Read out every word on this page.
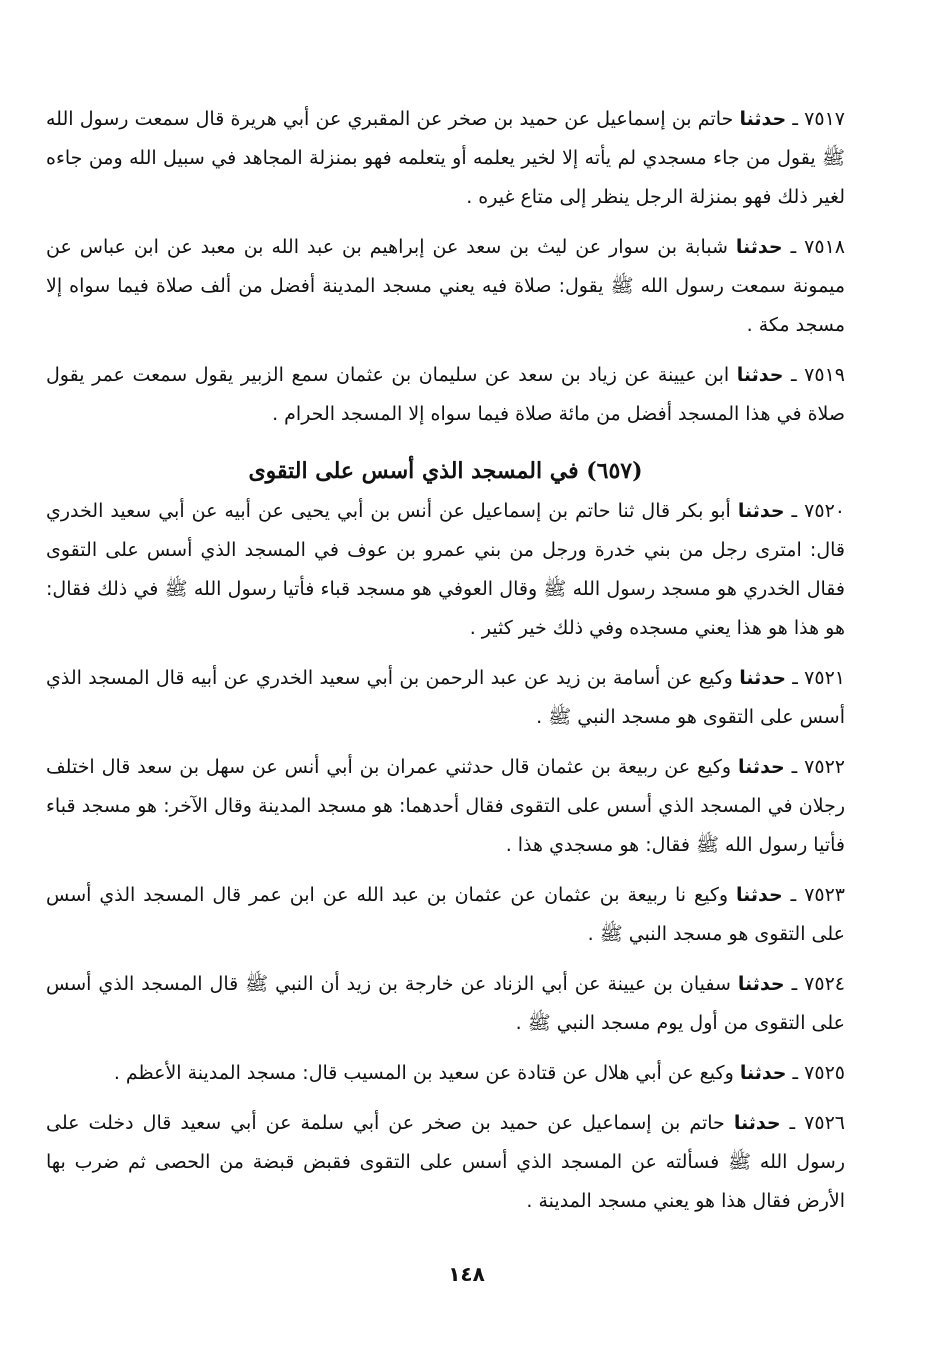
٧٥١٧ ـ حدثنا حاتم بن إسماعيل عن حميد بن صخر عن المقبري عن أبي هريرة قال سمعت رسول الله ﷺ يقول من جاء مسجدي لم يأته إلا لخير يعلمه أو يتعلمه فهو بمنزلة المجاهد في سبيل الله ومن جاءه لغير ذلك فهو بمنزلة الرجل ينظر إلى متاع غيره .

٧٥١٨ ـ حدثنا شبابة بن سوار عن ليث بن سعد عن إبراهيم بن عبد الله بن معبد عن ابن عباس عن ميمونة سمعت رسول الله ﷺ يقول: صلاة فيه يعني مسجد المدينة أفضل من ألف صلاة فيما سواه إلا مسجد مكة .

٧٥١٩ ـ حدثنا ابن عيينة عن زياد بن سعد عن سليمان بن عثمان سمع الزبير يقول سمعت عمر يقول صلاة في هذا المسجد أفضل من مائة صلاة فيما سواه إلا المسجد الحرام .

(٦٥٧) في المسجد الذي أسس على التقوى

٧٥٢٠ ـ حدثنا أبو بكر قال ثنا حاتم بن إسماعيل عن أنس بن أبي يحيى عن أبيه عن أبي سعيد الخدري قال: امترى رجل من بني خدرة ورجل من بني عمرو بن عوف في المسجد الذي أسس على التقوى فقال الخدري هو مسجد رسول الله ﷺ وقال العوفي هو مسجد قباء فأتيا رسول الله ﷺ في ذلك فقال: هو هذا هو هذا يعني مسجده وفي ذلك خير كثير .

٧٥٢١ ـ حدثنا وكيع عن أسامة بن زيد عن عبد الرحمن بن أبي سعيد الخدري عن أبيه قال المسجد الذي أسس على التقوى هو مسجد النبي ﷺ .

٧٥٢٢ ـ حدثنا وكيع عن ربيعة بن عثمان قال حدثني عمران بن أبي أنس عن سهل بن سعد قال اختلف رجلان في المسجد الذي أسس على التقوى فقال أحدهما: هو مسجد المدينة وقال الآخر: هو مسجد قباء فأتيا رسول الله ﷺ فقال: هو مسجدي هذا .

٧٥٢٣ ـ حدثنا وكيع نا ربيعة بن عثمان عن عثمان بن عبد الله عن ابن عمر قال المسجد الذي أسس على التقوى هو مسجد النبي ﷺ .

٧٥٢٤ ـ حدثنا سفيان بن عيينة عن أبي الزناد عن خارجة بن زيد أن النبي ﷺ قال المسجد الذي أسس على التقوى من أول يوم مسجد النبي ﷺ .

٧٥٢٥ ـ حدثنا وكيع عن أبي هلال عن قتادة عن سعيد بن المسيب قال: مسجد المدينة الأعظم .

٧٥٢٦ ـ حدثنا حاتم بن إسماعيل عن حميد بن صخر عن أبي سلمة عن أبي سعيد قال دخلت على رسول الله ﷺ فسألته عن المسجد الذي أسس على التقوى فقبض قبضة من الحصى ثم ضرب بها الأرض فقال هذا هو يعني مسجد المدينة .

١٤٨
